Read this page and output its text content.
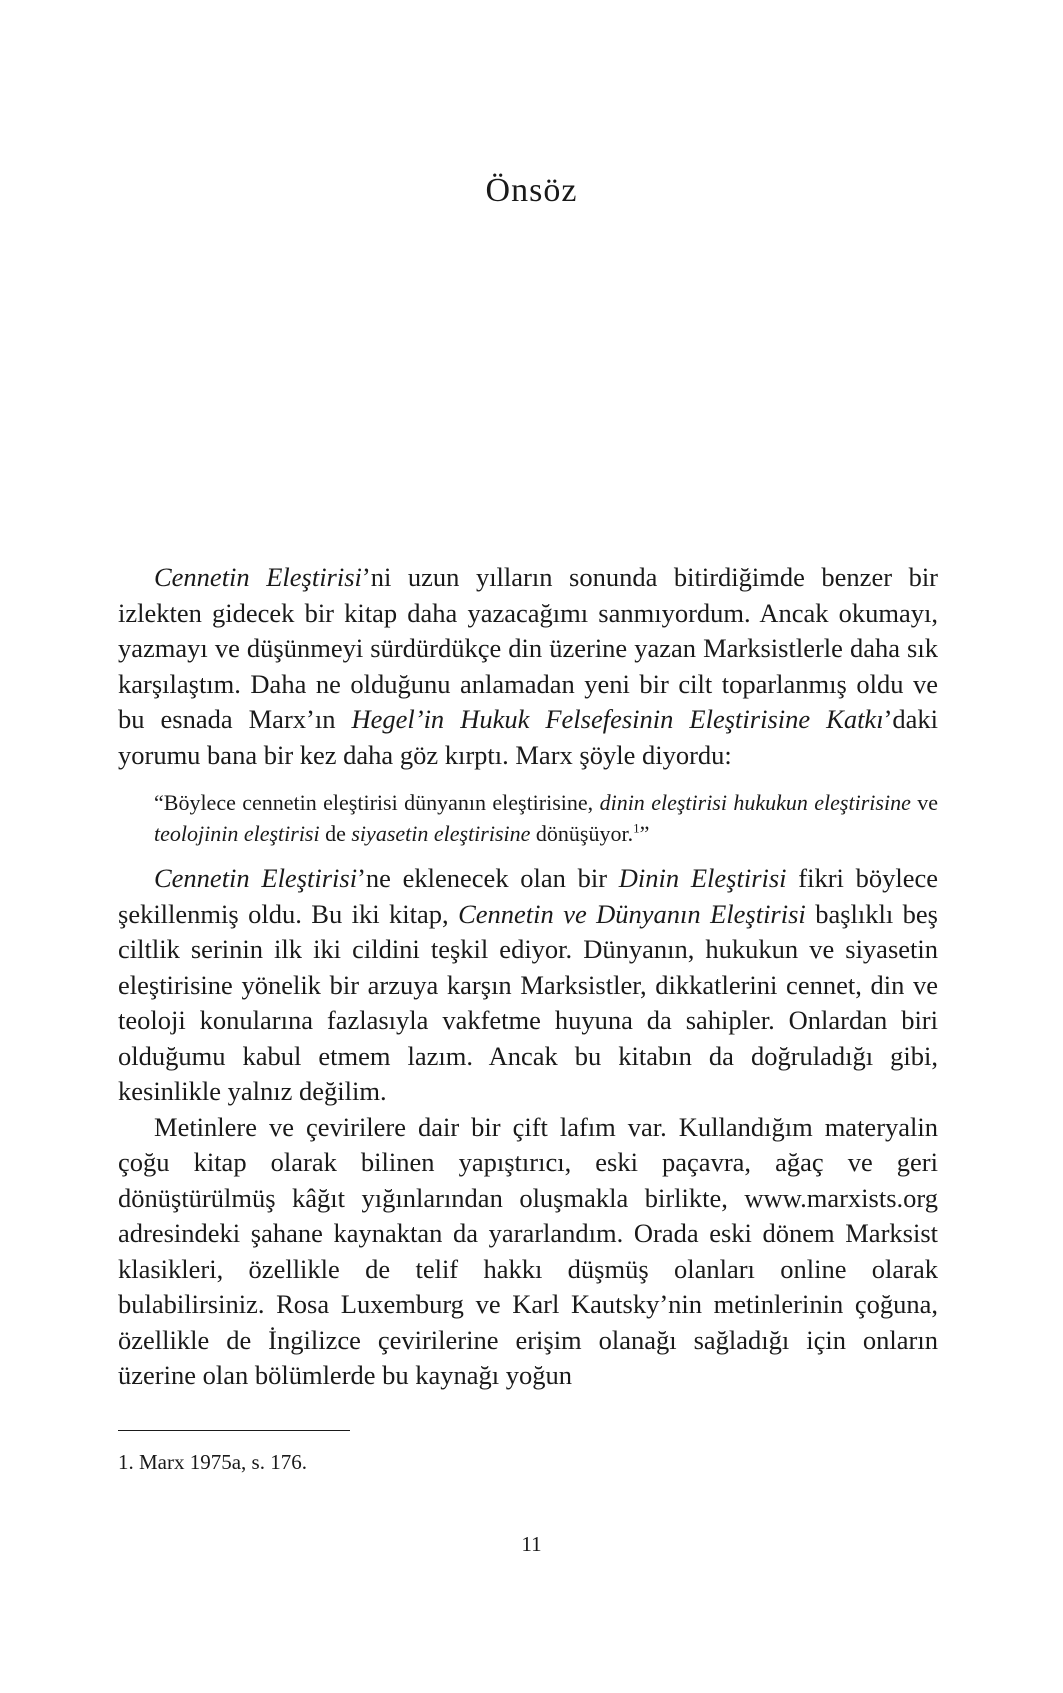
Önsöz

Cennetin Eleştirisi’ni uzun yılların sonunda bitirdiğimde benzer bir izlekten gidecek bir kitap daha yazacağımı sanmıyordum. Ancak okumayı, yazmayı ve düşünmeyi sürdürdükçe din üzerine yazan Marksistlerle daha sık karşılaştım. Daha ne olduğunu anlamadan yeni bir cilt toparlanmış oldu ve bu esnada Marx’ın Hegel’in Hukuk Felsefesinin Eleştirisine Katkı’daki yorumu bana bir kez daha göz kırptı. Marx şöyle diyordu:

“Böylece cennetin eleştirisi dünyanın eleştirisine, dinin eleştirisi hukukun eleştirisine ve teolojinin eleştirisi de siyasetin eleştirisine dönüşüyor.$^1$”

Cennetin Eleştirisi’ne eklenecek olan bir Dinin Eleştirisi fikri böylece şekillenmiş oldu. Bu iki kitap, Cennetin ve Dünyanın Eleştirisi başlıklı beş ciltlik serinin ilk iki cildini teşkil ediyor. Dünyanın, hukukun ve siyasetin eleştirisine yönelik bir arzuya karşın Marksistler, dikkatlerini cennet, din ve teoloji konularına fazlasıyla vakfetme huyuna da sahipler. Onlardan biri olduğumu kabul etmem lazım. Ancak bu kitabın da doğruladığı gibi, kesinlikle yalnız değilim.

Metinlere ve çevirilere dair bir çift lafım var. Kullandığım materyalin çoğu kitap olarak bilinen yapıştırıcı, eski paçavra, ağaç ve geri dönüştürülmüş kâğıt yığınlarından oluşmakla birlikte, www.marxists.org adresindeki şahane kaynaktan da yararlandım. Orada eski dönem Marksist klasikleri, özellikle de telif hakkı düşmüş olanları online olarak bulabilirsiniz. Rosa Luxemburg ve Karl Kautsky’nin metinlerinin çoğuna, özellikle de İngilizce çevirilerine erişim olanağı sağladığı için onların üzerine olan bölümlerde bu kaynağı yoğun

1. Marx 1975a, s. 176.

11
